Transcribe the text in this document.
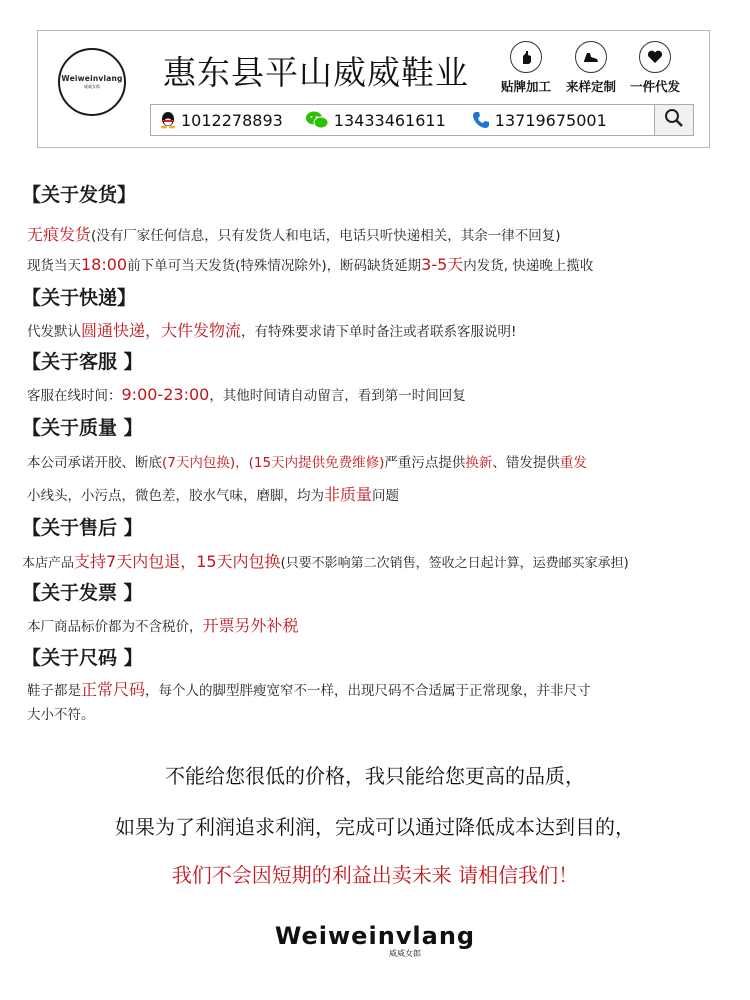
Weiweinvlang
威威女郎 惠东县平山威威鞋业	贴牌加工	来样定制	一件代发
1012278893	13433461611	13719675001
【关于发货】
无痕发货(没有厂家任何信息，只有发货人和电话，电话只听快递相关，其余一律不回复)
现货当天18:00前下单可当天发货(特殊情况除外)，断码缺货延期3-5天内发货, 快递晚上揽收
【关于快递】
代发默认圆通快递，大件发物流，有特殊要求请下单时备注或者联系客服说明!
【关于客服 】
客服在线时间：9:00-23:00，其他时间请自动留言，看到第一时间回复
【关于质量 】
本公司承诺开胶、断底(7天内包换)，(15天内提供免费维修)严重污点提供换新、错发提供重发
小线头，小污点，微色差，胶水气味，磨脚，均为非质量问题
【关于售后 】
本店产品支持7天内包退，15天内包换(只要不影响第二次销售，签收之日起计算，运费邮买家承担)
【关于发票 】
本厂商品标价都为不含税价，开票另外补税
【关于尺码 】
鞋子都是正常尺码，每个人的脚型胖瘦宽窄不一样，出现尺码不合适属于正常现象，并非尺寸
大小不符。
不能给您很低的价格，我只能给您更高的品质，
如果为了利润追求利润，完成可以通过降低成本达到目的，
我们不会因短期的利益出卖未来 请相信我们！
Weiweinvlang
威威女郎
